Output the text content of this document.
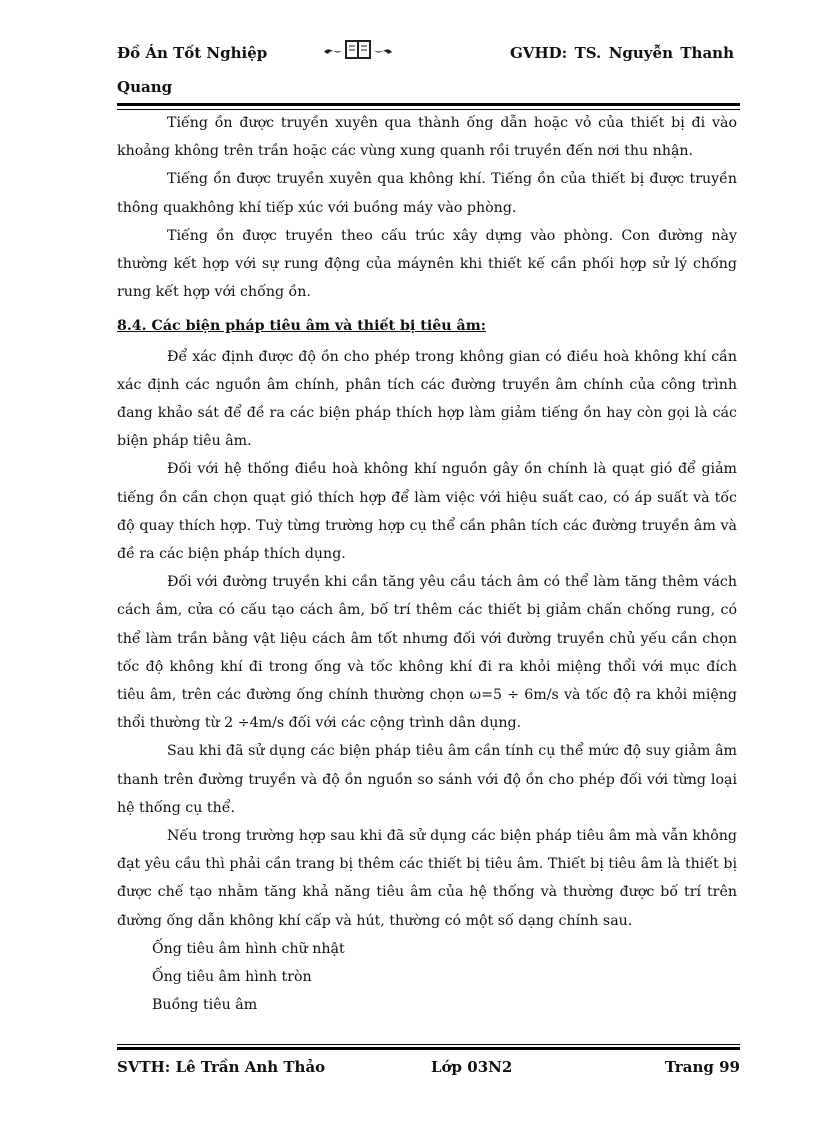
Đồ Án Tốt Nghiệp
Quang
GVHD: TS. Nguyễn Thanh

Tiếng ồn được truyền xuyên qua thành ống dẫn hoặc vỏ của thiết bị đi vào khoảng không trên trần hoặc các vùng xung quanh rồi truyền đến nơi thu nhận.

Tiếng ồn được truyền xuyên qua không khí. Tiếng ồn của thiết bị được truyền thông quakhông khí tiếp xúc với buồng máy vào phòng.

Tiếng ồn được truyền theo cấu trúc xây dựng vào phòng. Con đường này thường kết hợp với sự rung động của máynên khi thiết kế cần phối hợp sử lý chống rung kết hợp với chống ồn.

8.4. Các biện pháp tiêu âm và thiết bị tiêu âm:

Để xác định được độ ồn cho phép trong không gian có điều hoà không khí cần xác định các nguồn âm chính, phân tích các đường truyền âm chính của công trình đang khảo sát để đề ra các biện pháp thích hợp làm giảm tiếng ồn hay còn gọi là các biện pháp tiêu âm.

Đối với hệ thống điều hoà không khí nguồn gây ồn chính là quạt gió để giảm tiếng ồn cần chọn quạt gió thích hợp để làm việc với hiệu suất cao, có áp suất và tốc độ quay thích hợp. Tuỳ từng trường hợp cụ thể cần phân tích các đường truyền âm và đề ra các biện pháp thích dụng.

Đối với đường truyền khi cần tăng yêu cầu tách âm có thể làm tăng thêm vách cách âm, cửa có cấu tạo cách âm, bố trí thêm các thiết bị giảm chấn chống rung, có thể làm trần bằng vật liệu cách âm tốt nhưng đối với đường truyền chủ yếu cần chọn tốc độ không khí đi trong ống và tốc không khí đi ra khỏi miệng thổi với mục đích tiêu âm, trên các đường ống chính thường chọn ω=5 ÷ 6m/s và tốc độ ra khỏi miệng thổi thường từ 2 ÷4m/s đối với các cộng trình dân dụng.

Sau khi đã sử dụng các biện pháp tiêu âm cần tính cụ thể mức độ suy giảm âm thanh trên đường truyền và độ ồn nguồn so sánh với độ ồn cho phép đối với từng loại hệ thống cụ thể.

Nếu trong trường hợp sau khi đã sử dụng các biện pháp tiêu âm mà vẫn không đạt yêu cầu thì phải cần trang bị thêm các thiết bị tiêu âm. Thiết bị tiêu âm là thiết bị được chế tạo nhằm tăng khả năng tiêu âm của hệ thống và thường được bố trí trên đường ống dẫn không khí cấp và hút, thường có một số dạng chính sau.

Ống tiêu âm hình chữ nhật

Ống tiêu âm hình tròn

Buồng tiêu âm

SVTH: Lê Trần Anh Thảo	Lớp 03N2	Trang 99
